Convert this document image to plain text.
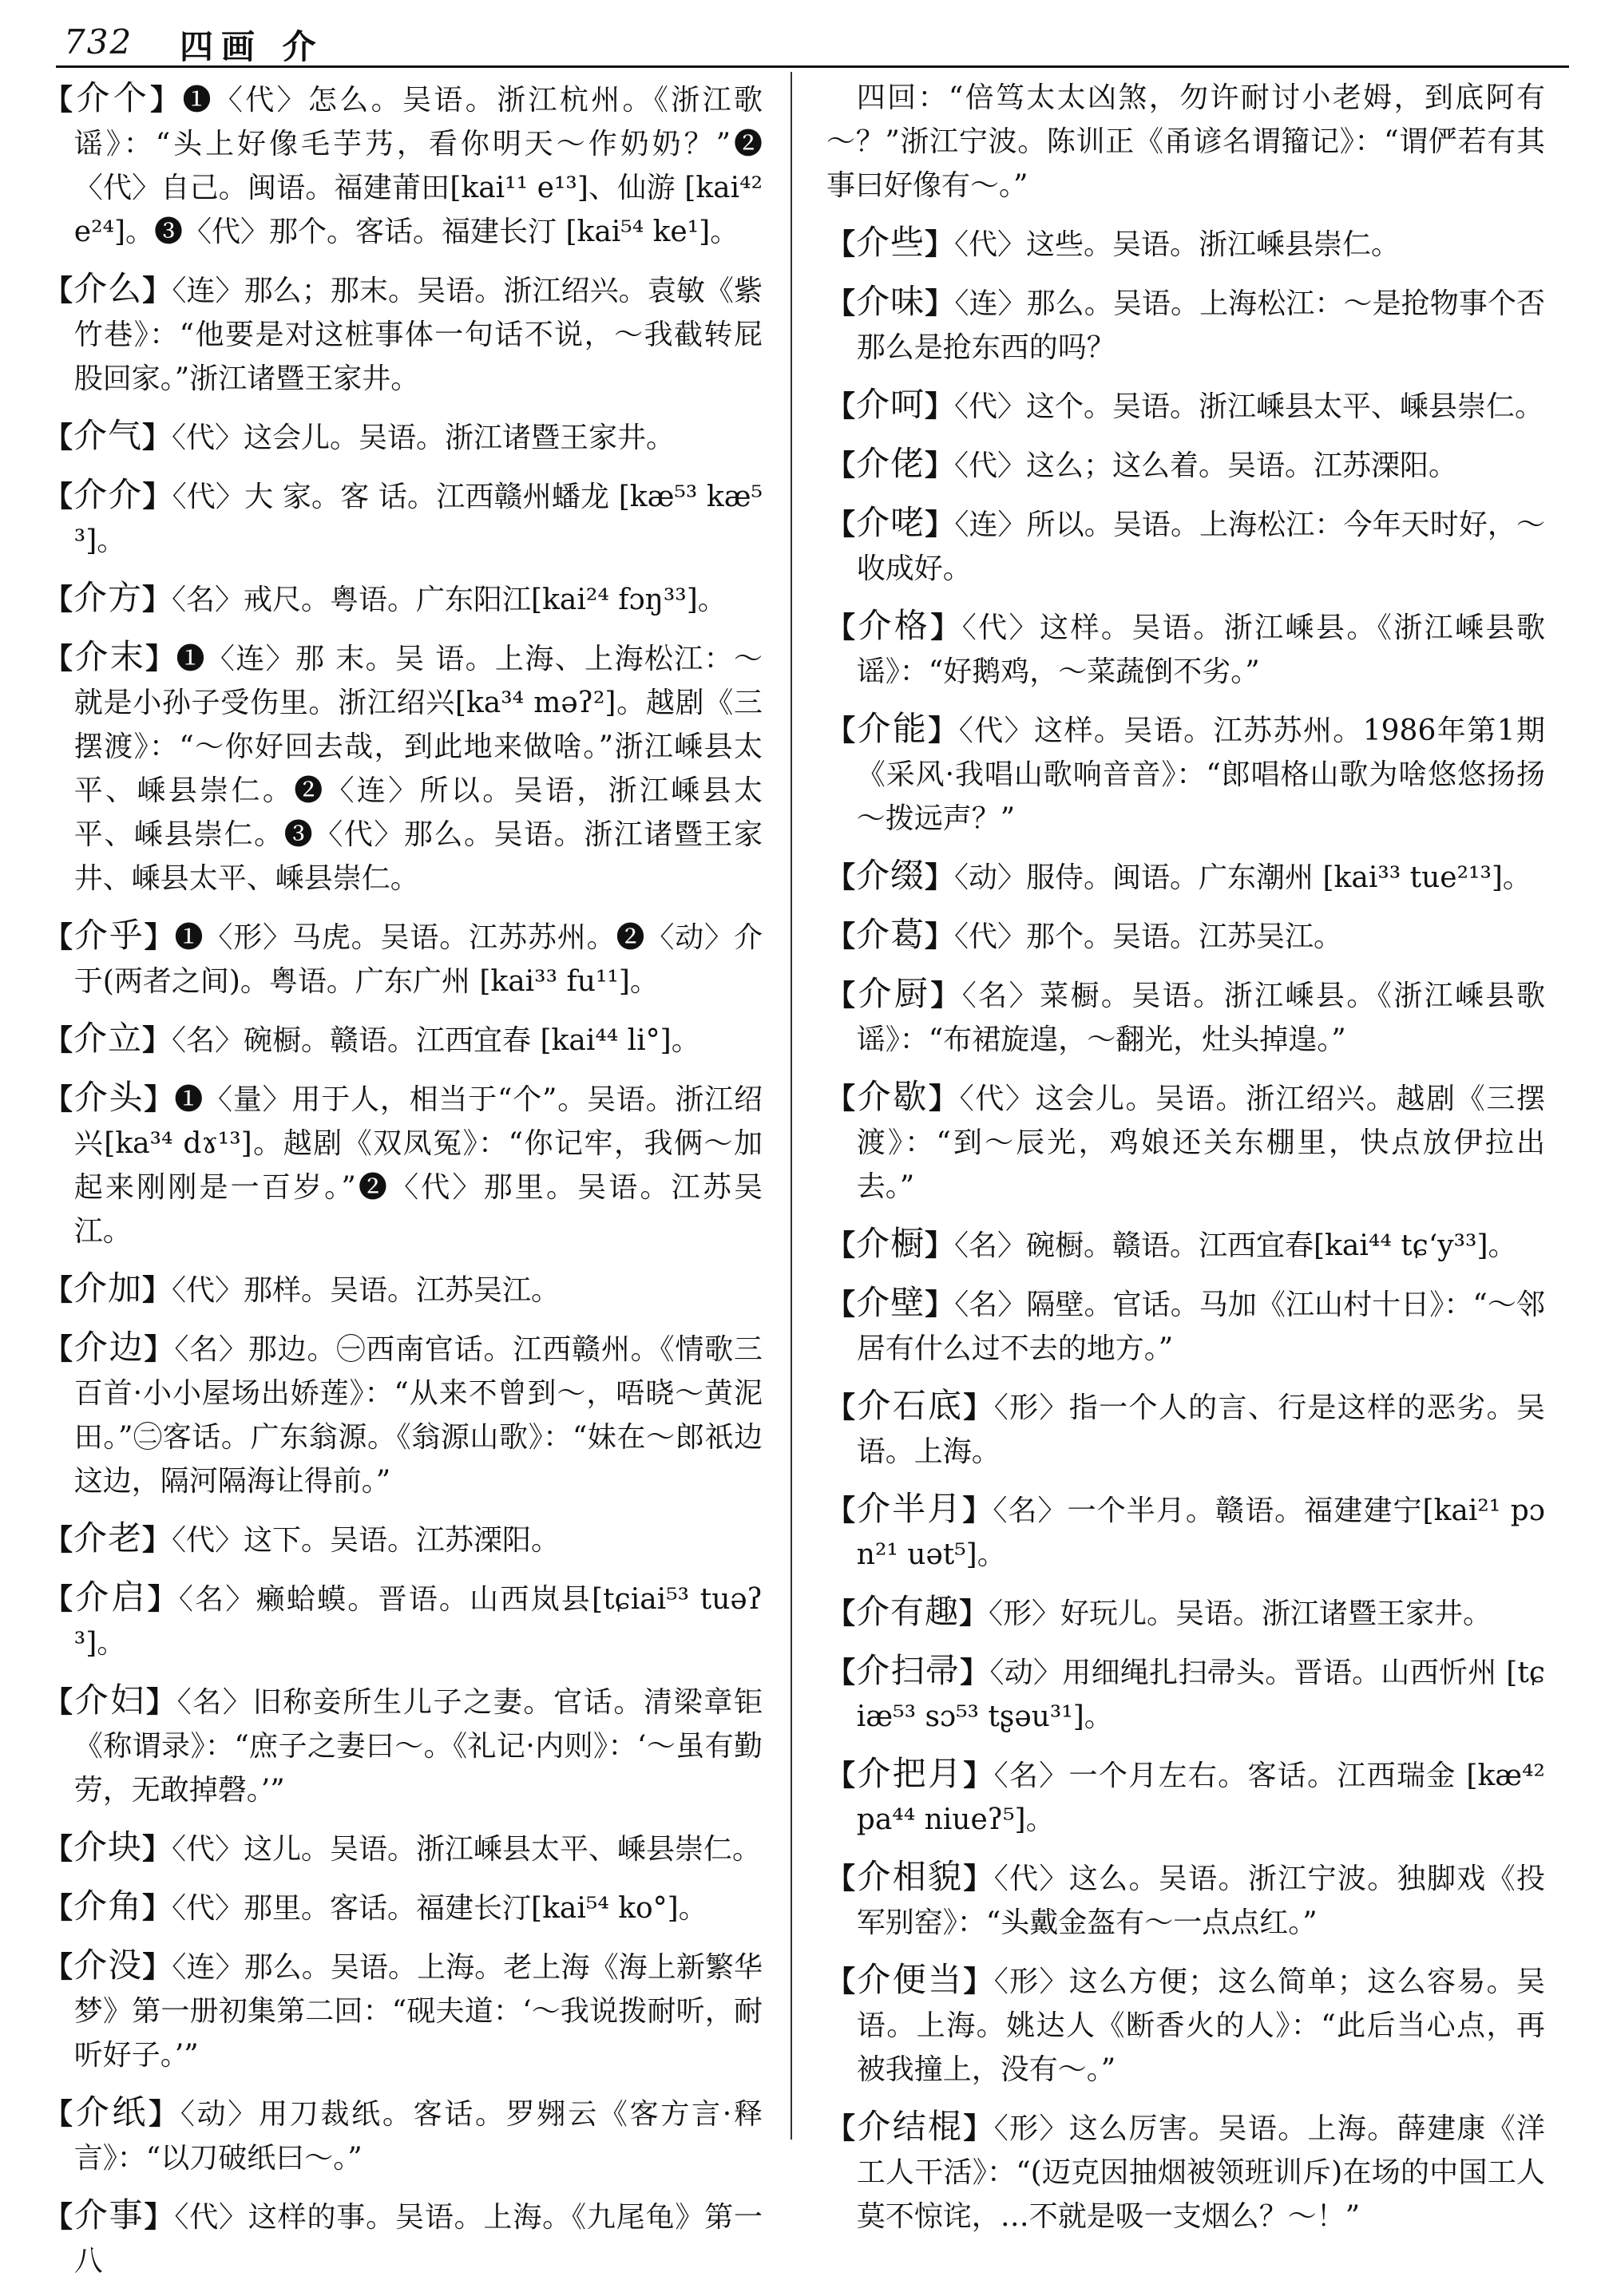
732 四画 介

【介个】❶〈代〉怎么。吴语。浙江杭州。《浙江歌谣》：“头上好像毛芋艿，看你明天～作奶奶？”❷〈代〉自己。闽语。福建莆田[kai¹¹ e¹³]、仙游 [kai⁴² e²⁴]。❸〈代〉那个。客话。福建长汀 [kai⁵⁴ ke¹]。

【介么】〈连〉那么；那末。吴语。浙江绍兴。袁敏《紫竹巷》：“他要是对这桩事体一句话不说，～我截转屁股回家。”浙江诸暨王家井。

【介气】〈代〉这会儿。吴语。浙江诸暨王家井。

【介介】〈代〉大 家。客 话。江西赣州蟠龙 [kæ⁵³ kæ⁵³]。

【介方】〈名〉戒尺。粤语。广东阳江[kai²⁴ fɔŋ³³]。

【介末】❶〈连〉那 末。吴 语。上海、上海松江：～就是小孙子受伤里。浙江绍兴[ka³⁴ məʔ²]。越剧《三摆渡》：“～你好回去哉，到此地来做啥。”浙江嵊县太平、嵊县崇仁。❷〈连〉所以。吴语，浙江嵊县太平、嵊县崇仁。❸〈代〉那么。吴语。浙江诸暨王家井、嵊县太平、嵊县崇仁。

【介乎】❶〈形〉马虎。吴语。江苏苏州。❷〈动〉介于(两者之间)。粤语。广东广州 [kai³³ fu¹¹]。

【介立】〈名〉碗橱。赣语。江西宜春 [kai⁴⁴ li°]。

【介头】❶〈量〉用于人，相当于“个”。吴语。浙江绍兴[ka³⁴ dɤ¹³]。越剧《双凤冤》：“你记牢，我俩～加起来刚刚是一百岁。”❷〈代〉那里。吴语。江苏吴江。

【介加】〈代〉那样。吴语。江苏吴江。

【介边】〈名〉那边。㊀西南官话。江西赣州。《情歌三百首·小小屋场出娇莲》：“从来不曾到～，唔晓～黄泥田。”㊁客话。广东翁源。《翁源山歌》：“妹在～郎祇边这边，隔河隔海让得前。”

【介老】〈代〉这下。吴语。江苏溧阳。

【介启】〈名〉癞蛤蟆。晋语。山西岚县[tɕiai⁵³ tuəʔ³]。

【介妇】〈名〉旧称妾所生儿子之妻。官话。清梁章钜《称谓录》：“庶子之妻曰～。《礼记·内则》：‘～虽有勤劳，无敢掉磬。’”

【介块】〈代〉这儿。吴语。浙江嵊县太平、嵊县崇仁。

【介角】〈代〉那里。客话。福建长汀[kai⁵⁴ ko°]。

【介没】〈连〉那么。吴语。上海。老上海《海上新繁华梦》第一册初集第二回：“砚夫道：‘～我说拨耐听，耐听好子。’”

【介纸】〈动〉用刀裁纸。客话。罗翙云《客方言·释言》：“以刀破纸曰～。”

【介事】〈代〉这样的事。吴语。上海。《九尾龟》第一八

四回：“倍笃太太凶煞，勿许耐讨小老姆，到底阿有～？”浙江宁波。陈训正《甬谚名谓籀记》：“谓俨若有其事曰好像有～。”

【介些】〈代〉这些。吴语。浙江嵊县崇仁。

【介味】〈连〉那么。吴语。上海松江：～是抢物事个否那么是抢东西的吗？

【介呵】〈代〉这个。吴语。浙江嵊县太平、嵊县崇仁。

【介佬】〈代〉这么；这么着。吴语。江苏溧阳。

【介咾】〈连〉所以。吴语。上海松江：今年天时好，～收成好。

【介格】〈代〉这样。吴语。浙江嵊县。《浙江嵊县歌谣》：“好鹅鸡，～菜蔬倒不劣。”

【介能】〈代〉这样。吴语。江苏苏州。1986年第1期《采风·我唱山歌响音音》：“郎唱格山歌为啥悠悠扬扬～拨远声？”

【介缀】〈动〉服侍。闽语。广东潮州 [kai³³ tue²¹³]。

【介葛】〈代〉那个。吴语。江苏吴江。

【介厨】〈名〉菜橱。吴语。浙江嵊县。《浙江嵊县歌谣》：“布裙旋遑，～翻光，灶头掉遑。”

【介歇】〈代〉这会儿。吴语。浙江绍兴。越剧《三摆渡》：“到～辰光，鸡娘还关东棚里，快点放伊拉出去。”

【介橱】〈名〉碗橱。赣语。江西宜春[kai⁴⁴ tɕʻy³³]。

【介壁】〈名〉隔壁。官话。马加《江山村十日》：“～邻居有什么过不去的地方。”

【介石底】〈形〉指一个人的言、行是这样的恶劣。吴语。上海。

【介半月】〈名〉一个半月。赣语。福建建宁[kai²¹ pɔn²¹ uət⁵]。

【介有趣】〈形〉好玩儿。吴语。浙江诸暨王家井。

【介扫帚】〈动〉用细绳扎扫帚头。晋语。山西忻州 [tɕiæ⁵³ sɔ⁵³ tʂəu³¹]。

【介把月】〈名〉一个月左右。客话。江西瑞金 [kæ⁴² pa⁴⁴ niueʔ⁵]。

【介相貌】〈代〉这么。吴语。浙江宁波。独脚戏《投军别窑》：“头戴金盔有～一点点红。”

【介便当】〈形〉这么方便；这么简单；这么容易。吴语。上海。姚达人《断香火的人》：“此后当心点，再被我撞上，没有～。”

【介结棍】〈形〉这么厉害。吴语。上海。薛建康《洋工人干活》：“(迈克因抽烟被领班训斥)在场的中国工人莫不惊诧，…不就是吸一支烟么？～！”
